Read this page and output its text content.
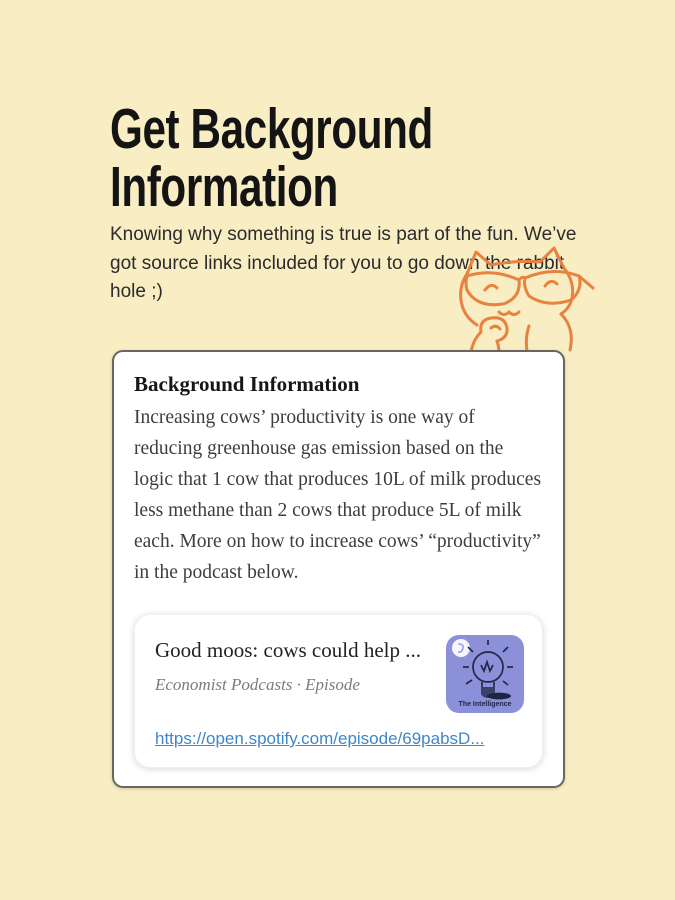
Get Background Information

Knowing why something is true is part of the fun. We’ve got source links included for you to go down the rabbit hole ;)

Background Information

Increasing cows’ productivity is one way of reducing greenhouse gas emission based on the logic that 1 cow that produces 10L of milk produces less methane than 2 cows that produce 5L of milk each. More on how to increase cows’ “productivity” in the podcast below.

Good moos: cows could help ...
Economist Podcasts · Episode
The Intelligence
https://open.spotify.com/episode/69pabsD...
